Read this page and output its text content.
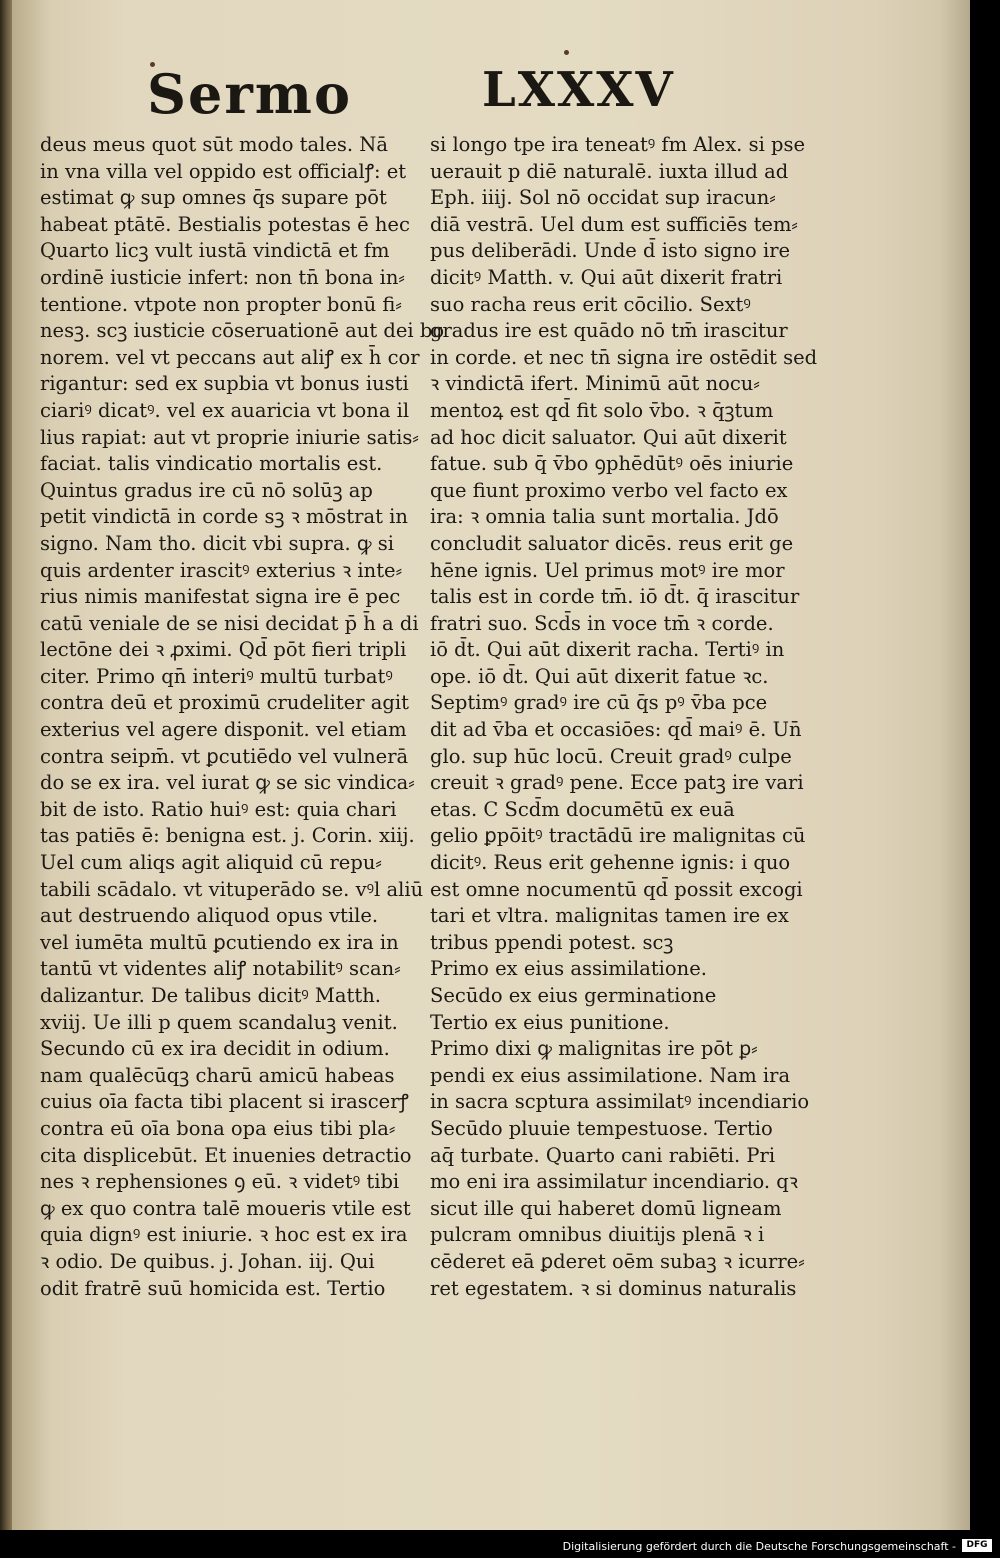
Sermo	LXXXV
deus meus quot sūt modo tales. Nā
in vna villa vel oppido est officialꝭ: et
estimat ꝙ sup omnes q̄s supare pōt
habeat ptātē. Bestialis potestas ē hec
Quarto licꝫ vult iustā vindictā et fm
ordinē iusticie infert: non tn̄ bona in⸗
tentione. vtpote non propter bonū fi⸗
nesꝫ. scꝫ iusticie cōseruationē aut dei bo
norem. vel vt peccans aut aliꝭ ex h̄ cor
rigantur: sed ex supbia vt bonus iusti
ciariꝰ dicatꝰ. vel ex auaricia vt bona il
lius rapiat: aut vt proprie iniurie satis⸗
faciat. talis vindicatio mortalis est.
Quintus gradus ire cū nō solūꝫ ap
petit vindictā in corde sꝫ ꝛ mōstrat in
signo. Nam tho. dicit vbi supra. ꝙ si
quis ardenter irascitꝰ exterius ꝛ inte⸗
rius nimis manifestat signa ire ē pec
catū veniale de se nisi decidat p̄ h̄ a di
lectōne dei ꝛ ꝓximi. Qd̄ pōt fieri tripli
citer. Primo qn̄ interiꝰ multū turbatꝰ
contra deū et proximū crudeliter agit
exterius vel agere disponit. vel etiam
contra seipm̄. vt ꝑcutiēdo vel vulnerā
do se ex ira. vel iurat ꝙ se sic vindica⸗
bit de isto. Ratio huiꝰ est: quia chari
tas patiēs ē: benigna est. j. Corin. xiij.
Uel cum aliqs agit aliquid cū repu⸗
tabili scādalo. vt vituperādo se. vꝰl aliū
aut destruendo aliquod opus vtile.
vel iumēta multū ꝑcutiendo ex ira in
tantū vt videntes aliꝭ notabilitꝰ scan⸗
dalizantur. De talibus dicitꝰ Matth.
xviij. Ue illi p quem scandaluꝫ venit.
Secundo cū ex ira decidit in odium.
nam qualēcūqꝫ charū amicū habeas
cuius oīa facta tibi placent si irascerꝭ
contra eū oīa bona opa eius tibi pla⸗
cita displicebūt. Et inuenies detractio
nes ꝛ rephensiones ꝯ eū. ꝛ videtꝰ tibi
ꝙ ex quo contra talē moueris vtile est
quia dignꝰ est iniurie. ꝛ hoc est ex ira
ꝛ odio. De quibus. j. Johan. iij. Qui
odit fratrē suū homicida est. Tertio
si longo tpe ira teneatꝰ fm Alex. si pse
uerauit p diē naturalē. iuxta illud ad
Eph. iiij. Sol nō occidat sup iracun⸗
diā vestrā. Uel dum est sufficiēs tem⸗
pus deliberādi. Unde d̄ isto signo ire
dicitꝰ Matth. v. Qui aūt dixerit fratri
suo racha reus erit cōcilio. Sextꝰ
gradus ire est quādo nō tm̄ irascitur
in corde. et nec tn̄ signa ire ostēdit sed
ꝛ vindictā ifert. Minimū aūt nocu⸗
mentoꝝ est qd̄ fit solo v̄bo. ꝛ q̄ꝫtum
ad hoc dicit saluator. Qui aūt dixerit
fatue. sub q̄ v̄bo ꝯphēdūtꝰ oēs iniurie
que fiunt proximo verbo vel facto ex
ira: ꝛ omnia talia sunt mortalia. Jdō
concludit saluator dicēs. reus erit ge
hēne ignis. Uel primus motꝰ ire mor
talis est in corde tm̄. iō d̄t. q̄ irascitur
fratri suo. Scd̄s in voce tm̄ ꝛ corde.
iō d̄t. Qui aūt dixerit racha. Tertiꝰ in
ope. iō d̄t. Qui aūt dixerit fatue ꝛc.
Septimꝰ gradꝰ ire cū q̄s pꝰ v̄ba pce
dit ad v̄ba et occasiōes: qd̄ maiꝰ ē. Un̄
glo. sup hūc locū. Creuit gradꝰ culpe
creuit ꝛ gradꝰ pene. Ecce patꝫ ire vari
etas. C Scd̄m documētū ex euā
gelio ꝑpōitꝰ tractādū ire malignitas cū
dicitꝰ. Reus erit gehenne ignis: i quo
est omne nocumentū qd̄ possit excogi
tari et vltra. malignitas tamen ire ex
tribus ppendi potest. scꝫ
Primo ex eius assimilatione.
Secūdo ex eius germinatione
Tertio ex eius punitione.
Primo dixi ꝙ malignitas ire pōt ꝑ⸗
pendi ex eius assimilatione. Nam ira
in sacra scptura assimilatꝰ incendiario
Secūdo pluuie tempestuose. Tertio
aq̄ turbate. Quarto cani rabiēti. Pri
mo eni ira assimilatur incendiario. qꝛ
sicut ille qui haberet domū ligneam
pulcram omnibus diuitijs plenā ꝛ i
cēderet eā ꝑderet oēm subaꝫ ꝛ icurre⸗
ret egestatem. ꝛ si dominus naturalis
Digitalisierung gefördert durch die Deutsche Forschungsgemeinschaft -	DFG
